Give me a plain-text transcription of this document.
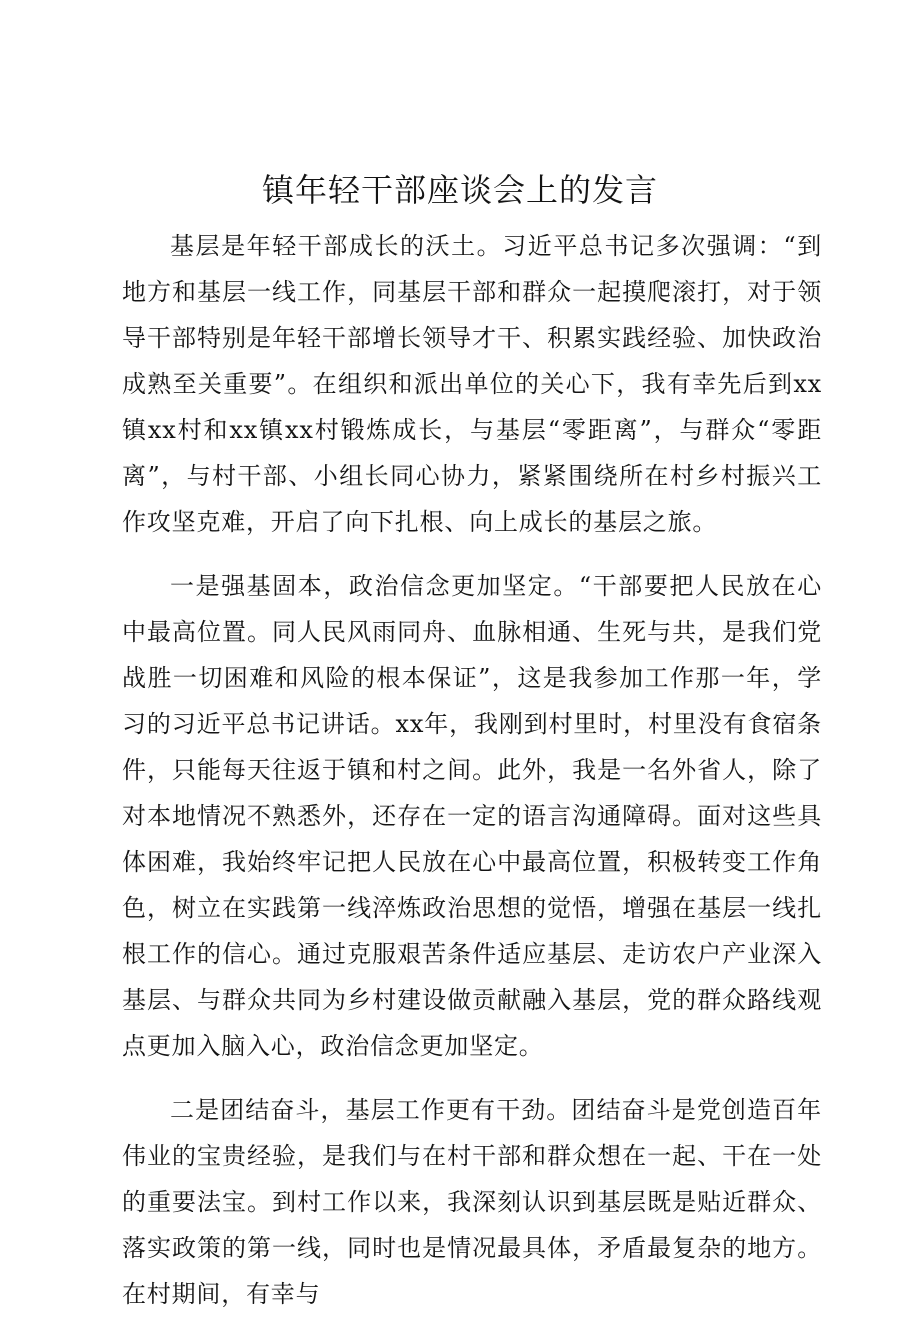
镇年轻干部座谈会上的发言

基层是年轻干部成长的沃土。习近平总书记多次强调：“到地方和基层一线工作，同基层干部和群众一起摸爬滚打，对于领导干部特别是年轻干部增长领导才干、积累实践经验、加快政治成熟至关重要”。在组织和派出单位的关心下，我有幸先后到xx镇xx村和xx镇xx村锻炼成长，与基层“零距离”，与群众“零距离”，与村干部、小组长同心协力，紧紧围绕所在村乡村振兴工作攻坚克难，开启了向下扎根、向上成长的基层之旅。

一是强基固本，政治信念更加坚定。“干部要把人民放在心中最高位置。同人民风雨同舟、血脉相通、生死与共，是我们党战胜一切困难和风险的根本保证”，这是我参加工作那一年，学习的习近平总书记讲话。xx年，我刚到村里时，村里没有食宿条件，只能每天往返于镇和村之间。此外，我是一名外省人，除了对本地情况不熟悉外，还存在一定的语言沟通障碍。面对这些具体困难，我始终牢记把人民放在心中最高位置，积极转变工作角色，树立在实践第一线淬炼政治思想的觉悟，增强在基层一线扎根工作的信心。通过克服艰苦条件适应基层、走访农户产业深入基层、与群众共同为乡村建设做贡献融入基层，党的群众路线观点更加入脑入心，政治信念更加坚定。

二是团结奋斗，基层工作更有干劲。团结奋斗是党创造百年伟业的宝贵经验，是我们与在村干部和群众想在一起、干在一处的重要法宝。到村工作以来，我深刻认识到基层既是贴近群众、落实政策的第一线，同时也是情况最具体，矛盾最复杂的地方。在村期间，有幸与
